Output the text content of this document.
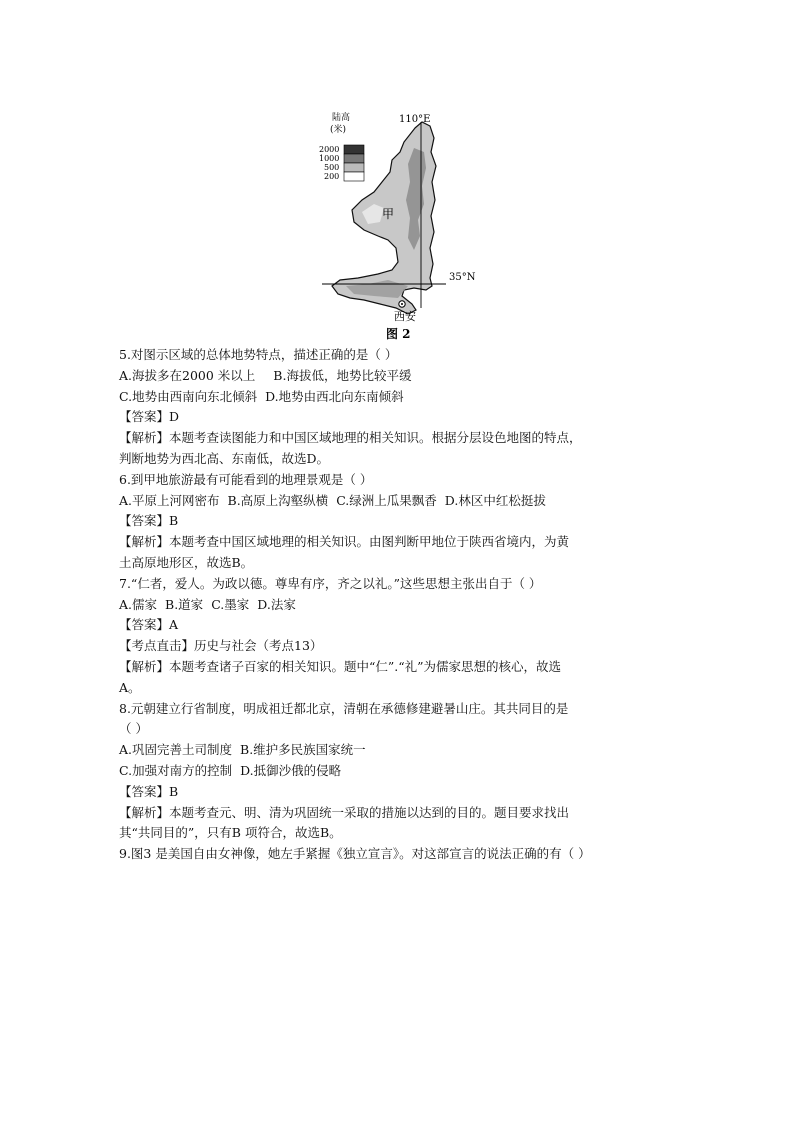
陆高
(米)
2000
1000
500
200
110°E
35°N
甲
西安
图 2
5.对图示区域的总体地势特点，描述正确的是（ ）
A.海拔多在2000 米以上 B.海拔低，地势比较平缓
C.地势由西南向东北倾斜 D.地势由西北向东南倾斜
【答案】D
【解析】本题考查读图能力和中国区域地理的相关知识。根据分层设色地图的特点，
判断地势为西北高、东南低，故选D。
6.到甲地旅游最有可能看到的地理景观是（ ）
A.平原上河网密布 B.高原上沟壑纵横 C.绿洲上瓜果飘香 D.林区中红松挺拔
【答案】B
【解析】本题考查中国区域地理的相关知识。由图判断甲地位于陕西省境内，为黄
土高原地形区，故选B。
7.“仁者，爱人。为政以德。尊卑有序，齐之以礼。”这些思想主张出自于（ ）
A.儒家 B.道家 C.墨家 D.法家
【答案】A
【考点直击】历史与社会（考点13）
【解析】本题考查诸子百家的相关知识。题中“仁”.“礼”为儒家思想的核心，故选
A。
8.元朝建立行省制度，明成祖迁都北京，清朝在承德修建避暑山庄。其共同目的是
（ ）
A.巩固完善土司制度 B.维护多民族国家统一
C.加强对南方的控制 D.抵御沙俄的侵略
【答案】B
【解析】本题考查元、明、清为巩固统一采取的措施以达到的目的。题目要求找出
其“共同目的”，只有B 项符合，故选B。
9.图3 是美国自由女神像，她左手紧握《独立宣言》。对这部宣言的说法正确的有（ ）
